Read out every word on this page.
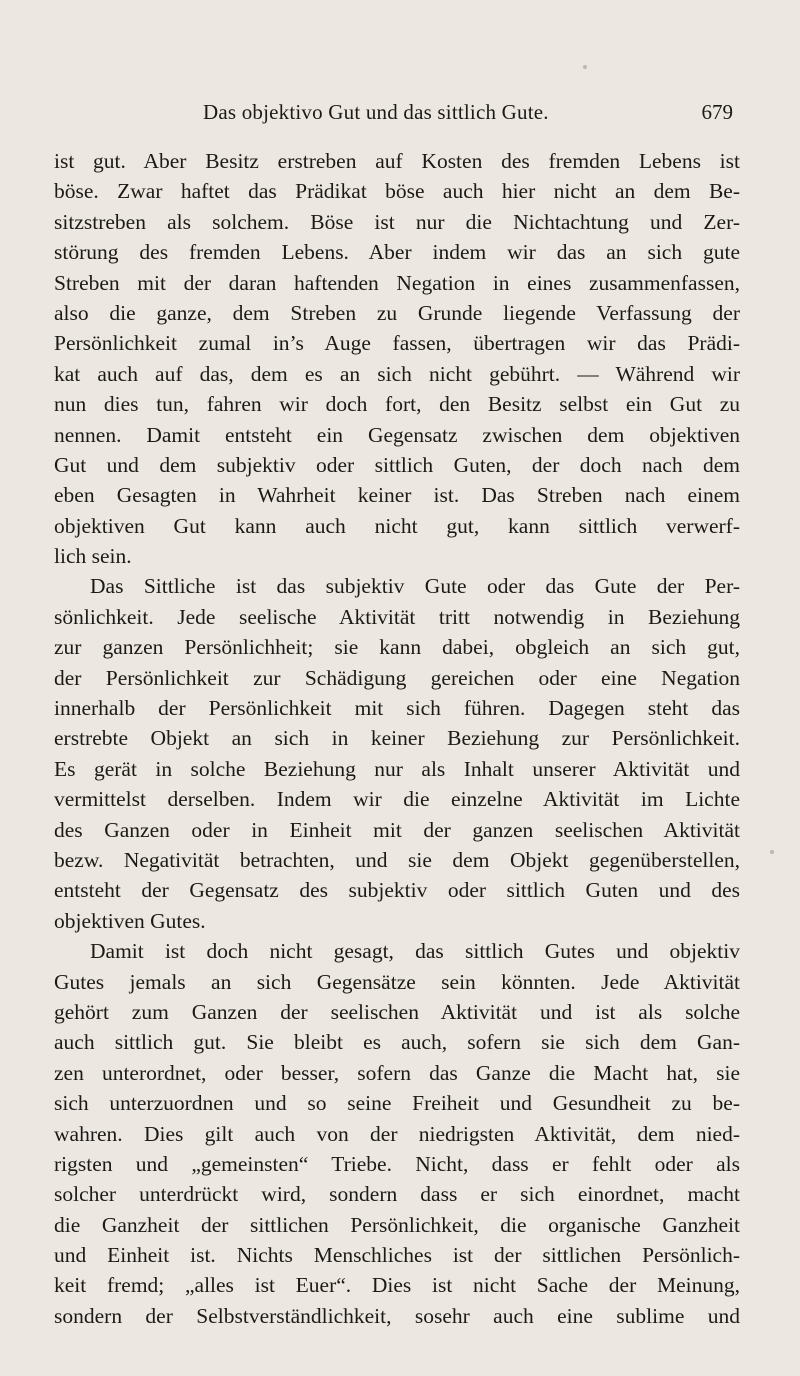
Das objektivo Gut und das sittlich Gute.	679
ist gut. Aber Besitz erstreben auf Kosten des fremden Lebens ist
böse. Zwar haftet das Prädikat böse auch hier nicht an dem Be-
sitzstreben als solchem. Böse ist nur die Nichtachtung und Zer-
störung des fremden Lebens. Aber indem wir das an sich gute
Streben mit der daran haftenden Negation in eines zusammenfassen,
also die ganze, dem Streben zu Grunde liegende Verfassung der
Persönlichkeit zumal in’s Auge fassen, übertragen wir das Prädi-
kat auch auf das, dem es an sich nicht gebührt. — Während wir
nun dies tun, fahren wir doch fort, den Besitz selbst ein Gut zu
nennen. Damit entsteht ein Gegensatz zwischen dem objektiven
Gut und dem subjektiv oder sittlich Guten, der doch nach dem
eben Gesagten in Wahrheit keiner ist. Das Streben nach einem
objektiven Gut kann auch nicht gut, kann sittlich verwerf-
lich sein.
Das Sittliche ist das subjektiv Gute oder das Gute der Per-
sönlichkeit. Jede seelische Aktivität tritt notwendig in Beziehung
zur ganzen Persönlichheit; sie kann dabei, obgleich an sich gut,
der Persönlichkeit zur Schädigung gereichen oder eine Negation
innerhalb der Persönlichkeit mit sich führen. Dagegen steht das
erstrebte Objekt an sich in keiner Beziehung zur Persönlichkeit.
Es gerät in solche Beziehung nur als Inhalt unserer Aktivität und
vermittelst derselben. Indem wir die einzelne Aktivität im Lichte
des Ganzen oder in Einheit mit der ganzen seelischen Aktivität
bezw. Negativität betrachten, und sie dem Objekt gegenüberstellen,
entsteht der Gegensatz des subjektiv oder sittlich Guten und des
objektiven Gutes.
Damit ist doch nicht gesagt, das sittlich Gutes und objektiv
Gutes jemals an sich Gegensätze sein könnten. Jede Aktivität
gehört zum Ganzen der seelischen Aktivität und ist als solche
auch sittlich gut. Sie bleibt es auch, sofern sie sich dem Gan-
zen unterordnet, oder besser, sofern das Ganze die Macht hat, sie
sich unterzuordnen und so seine Freiheit und Gesundheit zu be-
wahren. Dies gilt auch von der niedrigsten Aktivität, dem nied-
rigsten und „gemeinsten“ Triebe. Nicht, dass er fehlt oder als
solcher unterdrückt wird, sondern dass er sich einordnet, macht
die Ganzheit der sittlichen Persönlichkeit, die organische Ganzheit
und Einheit ist. Nichts Menschliches ist der sittlichen Persönlich-
keit fremd; „alles ist Euer“. Dies ist nicht Sache der Meinung,
sondern der Selbstverständlichkeit, sosehr auch eine sublime und
